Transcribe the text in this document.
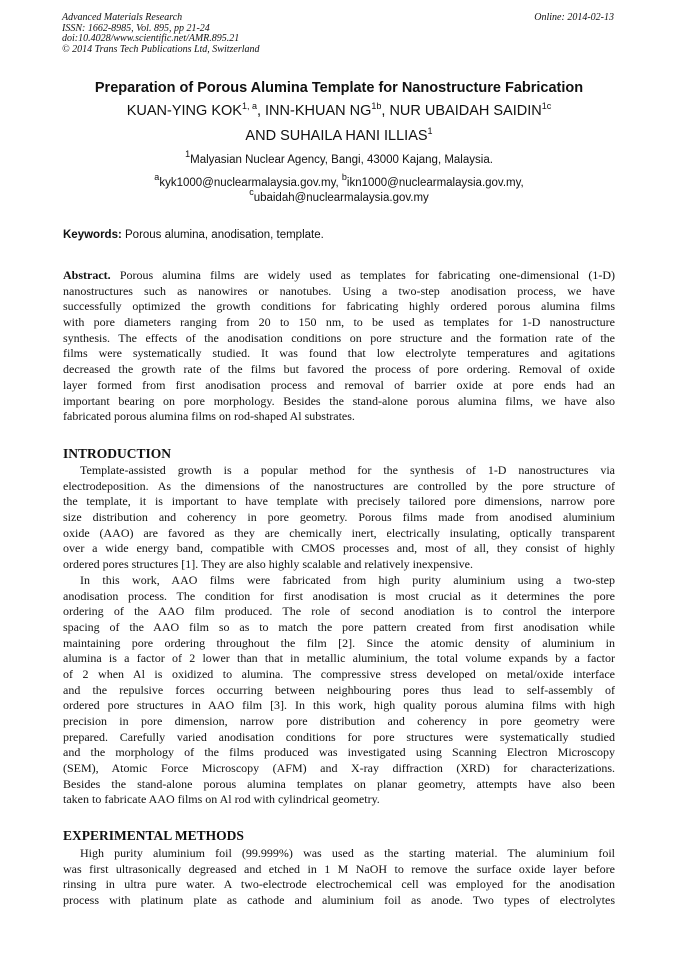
Advanced Materials Research
ISSN: 1662-8985, Vol. 895, pp 21-24
doi:10.4028/www.scientific.net/AMR.895.21
© 2014 Trans Tech Publications Ltd, Switzerland
Online: 2014-02-13
Preparation of Porous Alumina Template for Nanostructure Fabrication
KUAN-YING KOK$^{1, a}$, INN-KHUAN $NG^{1b}$, NUR UBAIDAH $SAIDIN^{1c}$
AND SUHAILA HANI ILLIAS$^1$
$^1$Malyasian Nuclear Agency, Bangi, 43000 Kajang, Malaysia.
$^a$kyk1000@nuclearmalaysia.gov.my, $^b$ikn1000@nuclearmalaysia.gov.my,
$^c$ubaidah@nuclearmalaysia.gov.my
Keywords: Porous alumina, anodisation, template.
Abstract. Porous alumina films are widely used as templates for fabricating one-dimensional (1-D)
nanostructures such as nanowires or nanotubes. Using a two-step anodisation process, we have
successfully optimized the growth conditions for fabricating highly ordered porous alumina films
with pore diameters ranging from 20 to 150 nm, to be used as templates for 1-D nanostructure
synthesis. The effects of the anodisation conditions on pore structure and the formation rate of the
films were systematically studied. It was found that low electrolyte temperatures and agitations
decreased the growth rate of the films but favored the process of pore ordering. Removal of oxide
layer formed from first anodisation process and removal of barrier oxide at pore ends had an
important bearing on pore morphology. Besides the stand-alone porous alumina films, we have also
fabricated porous alumina films on rod-shaped Al substrates.
INTRODUCTION
Template-assisted growth is a popular method for the synthesis of 1-D nanostructures via
electrodeposition. As the dimensions of the nanostructures are controlled by the pore structure of
the template, it is important to have template with precisely tailored pore dimensions, narrow pore
size distribution and coherency in pore geometry. Porous films made from anodised aluminium
oxide (AAO) are favored as they are chemically inert, electrically insulating, optically transparent
over a wide energy band, compatible with CMOS processes and, most of all, they consist of highly
ordered pores structures [1]. They are also highly scalable and relatively inexpensive.
In this work, AAO films were fabricated from high purity aluminium using a two-step
anodisation process. The condition for first anodisation is most crucial as it determines the pore
ordering of the AAO film produced. The role of second anodiation is to control the interpore
spacing of the AAO film so as to match the pore pattern created from first anodisation while
maintaining pore ordering throughout the film [2]. Since the atomic density of aluminium in
alumina is a factor of 2 lower than that in metallic aluminium, the total volume expands by a factor
of 2 when Al is oxidized to alumina. The compressive stress developed on metal/oxide interface
and the repulsive forces occurring between neighbouring pores thus lead to self-assembly of
ordered pore structures in AAO film [3]. In this work, high quality porous alumina films with high
precision in pore dimension, narrow pore distribution and coherency in pore geometry were
prepared. Carefully varied anodisation conditions for pore structures were systematically studied
and the morphology of the films produced was investigated using Scanning Electron Microscopy
(SEM), Atomic Force Microscopy (AFM) and X-ray diffraction (XRD) for characterizations.
Besides the stand-alone porous alumina templates on planar geometry, attempts have also been
taken to fabricate AAO films on Al rod with cylindrical geometry.
EXPERIMENTAL METHODS
High purity aluminium foil (99.999%) was used as the starting material. The aluminium foil
was first ultrasonically degreased and etched in 1 M NaOH to remove the surface oxide layer before
rinsing in ultra pure water. A two-electrode electrochemical cell was employed for the anodisation
process with platinum plate as cathode and aluminium foil as anode. Two types of electrolytes
